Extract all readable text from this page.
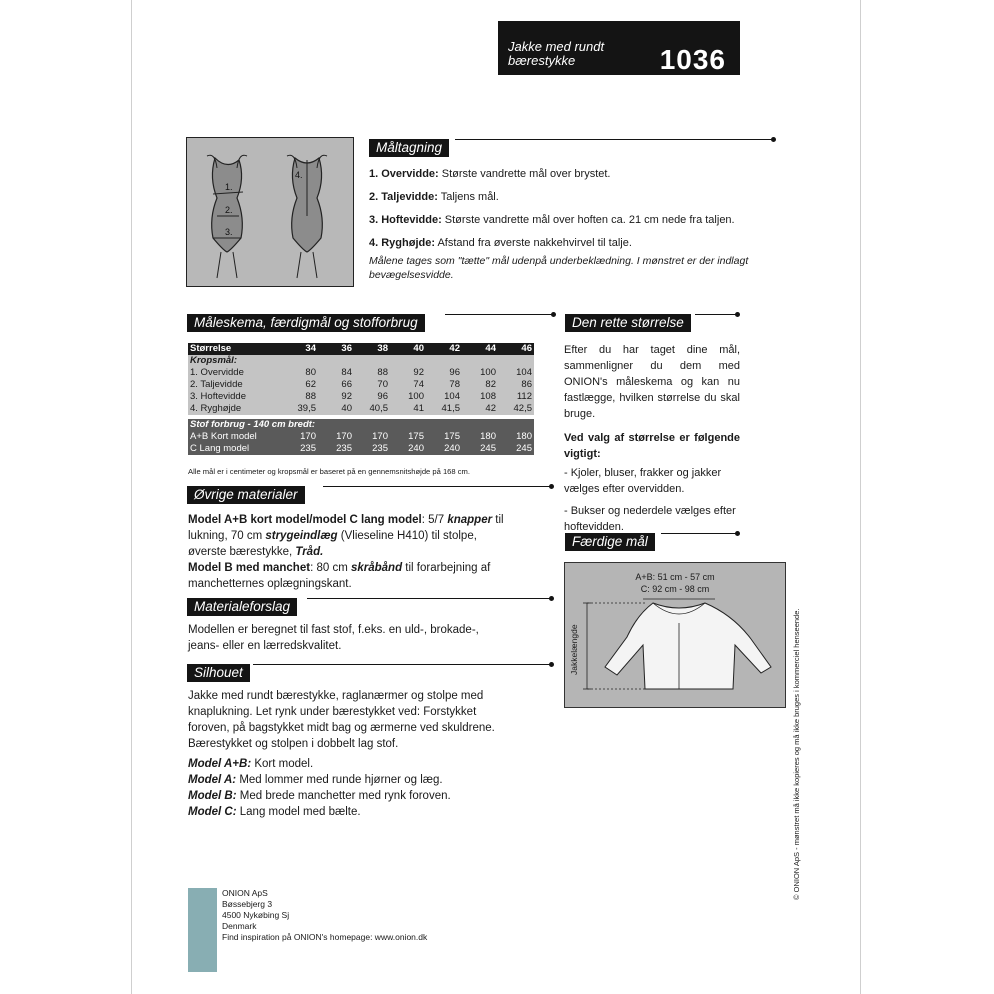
Jakke med rundt
bærestykke	1036
1.
2.
3.
4.
Måltagning
1. Overvidde: Største vandrette mål over brystet.
2. Taljevidde: Taljens mål.
3. Hoftevidde: Største vandrette mål over hoften ca. 21 cm nede fra taljen.
4. Ryghøjde: Afstand fra øverste nakkehvirvel til talje.
Målene tages som "tætte" mål udenpå underbeklædning. I mønstret er der indlagt bevægelsesvidde.
Måleskema, færdigmål og stofforbrug
Størrelse	34	36	38	40	42	44	46
Kropsmål:							
1. Overvidde	80	84	88	92	96	100	104
2. Taljevidde	62	66	70	74	78	82	86
3. Hoftevidde	88	92	96	100	104	108	112
4. Ryghøjde	39,5	40	40,5	41	41,5	42	42,5

Stof forbrug - 140 cm bredt:							
A+B Kort model	170	170	170	175	175	180	180
C Lang model	235	235	235	240	240	245	245
Alle mål er i centimeter og kropsmål er baseret på en gennemsnitshøjde på 168 cm.
Øvrige materialer
Model A+B kort model/model C lang model: 5/7 knapper til lukning, 70 cm strygeindlæg (Vlieseline H410) til stolpe, øverste bærestykke, Tråd.
Model B med manchet: 80 cm skråbånd til forarbejning af manchetternes oplægningskant.
Materialeforslag
Modellen er beregnet til fast stof, f.eks. en uld-, brokade-, jeans- eller en lærredskvalitet.
Silhouet
Jakke med rundt bærestykke, raglanærmer og stolpe med knaplukning. Let rynk under bærestykket ved: Forstykket foroven, på bagstykket midt bag og ærmerne ved skuldrene. Bærestykket og stolpen i dobbelt lag stof.
Model A+B: Kort model.
Model A: Med lommer med runde hjørner og læg.
Model B: Med brede manchetter med rynk foroven.
Model C: Lang model med bælte.
Den rette størrelse
Efter du har taget dine mål, sammenligner du dem med ONION's måleskema og kan nu fastlægge, hvilken størrelse du skal bruge.
Ved valg af størrelse er følgende vigtigt:
- Kjoler, bluser, frakker og jakker vælges efter overvidden.
- Bukser og nederdele vælges efter hoftevidden.
Færdige mål
A+B: 51 cm - 57 cm
C: 92 cm - 98 cm
Jakkelængde
ONION ApS
Bøssebjerg 3
4500 Nykøbing Sj
Denmark
Find inspiration på ONION's homepage: www.onion.dk
© ONION ApS - mønstret må ikke kopieres og må ikke bruges i kommerciel henseende.
